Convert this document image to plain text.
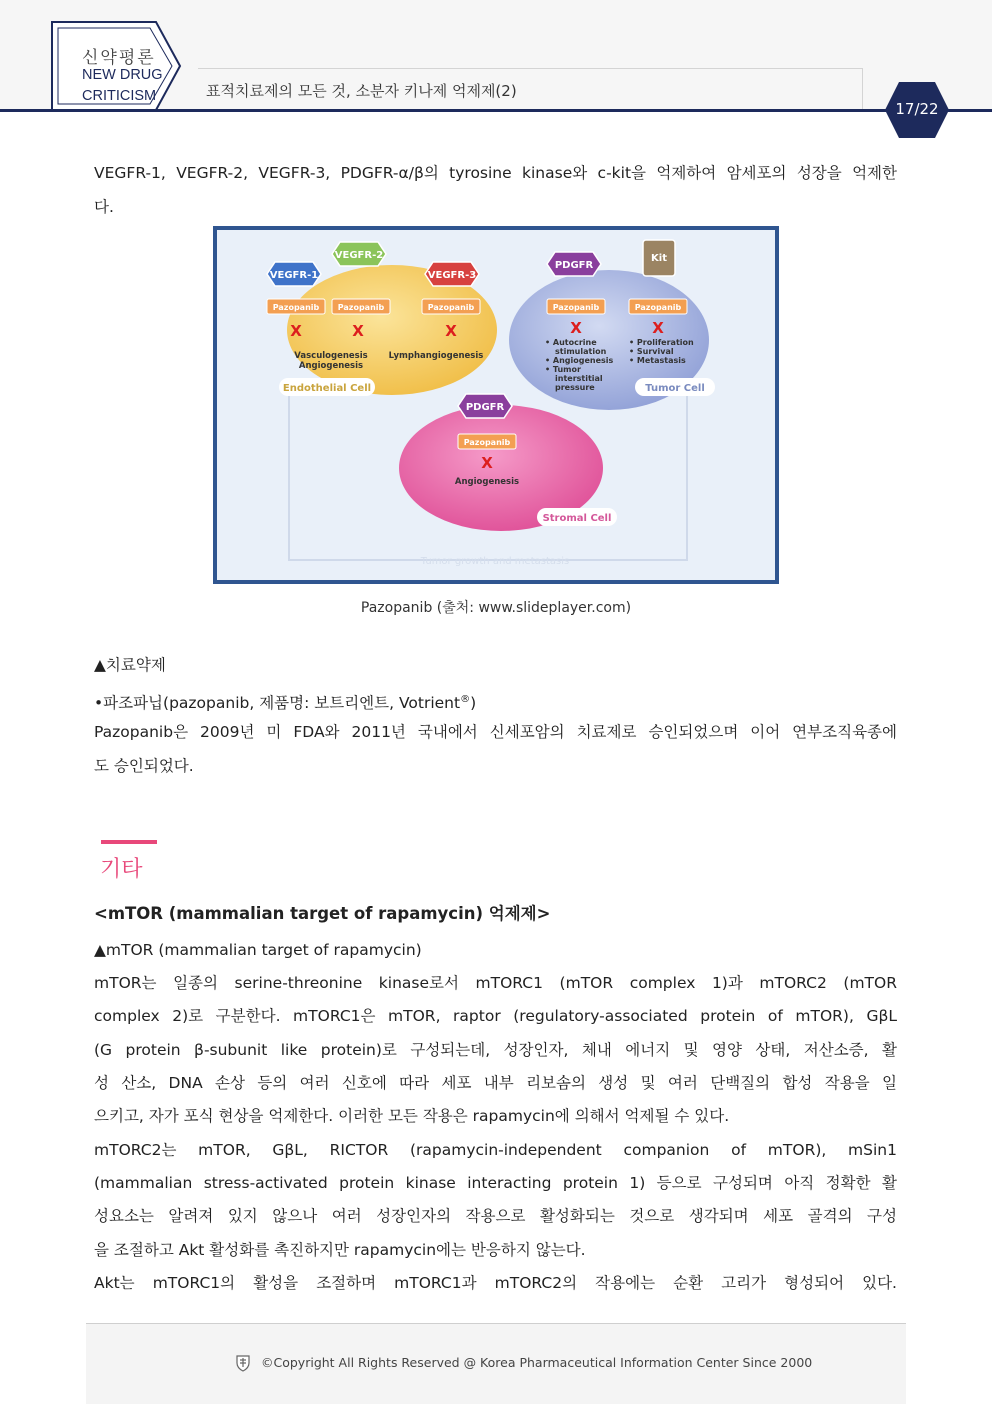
신약평론
NEW DRUG
CRITICISM	표적치료제의 모든 것, 소분자 키나제 억제제(2)
17/22

VEGFR-1, VEGFR-2, VEGFR-3, PDGFR-α/β의 tyrosine kinase와 c-kit을 억제하여 암세포의 성장을 억제한

다.

Tumor growth and metastasis
VEGFR-1
VEGFR-2
VEGFR-3
Pazopanib Pazopanib	Pazopanib
X	X	X
Vasculogenesis
Angiogenesis
Lymphangiogenesis
Endothelial Cell
PDGFR
Kit
Pazopanib	Pazopanib
X	X
• Autocrine
stimulation
• Angiogenesis
• Tumor
interstitial
pressure
• Proliferation
• Survival
• Metastasis
Tumor Cell
PDGFR
Pazopanib
X
Angiogenesis
Stromal Cell
Pazopanib (출처: www.slideplayer.com)

▲치료약제

•파조파닙(pazopanib, 제품명: 보트리엔트, Votrient®)

Pazopanib은 2009년 미 FDA와 2011년 국내에서 신세포암의 치료제로 승인되었으며 이어 연부조직육종에

도 승인되었다.

기타
<mTOR (mammalian target of rapamycin) 억제제>

▲mTOR (mammalian target of rapamycin)

mTOR는 일종의 serine-threonine kinase로서 mTORC1 (mTOR complex 1)과 mTORC2 (mTOR

complex 2)로 구분한다. mTORC1은 mTOR, raptor (regulatory-associated protein of mTOR), GβL

(G protein β-subunit like protein)로 구성되는데, 성장인자, 체내 에너지 및 영양 상태, 저산소증, 활

성 산소, DNA 손상 등의 여러 신호에 따라 세포 내부 리보솜의 생성 및 여러 단백질의 합성 작용을 일

으키고, 자가 포식 현상을 억제한다. 이러한 모든 작용은 rapamycin에 의해서 억제될 수 있다.

mTORC2는 mTOR, GβL, RICTOR (rapamycin-independent companion of mTOR), mSin1

(mammalian stress-activated protein kinase interacting protein 1) 등으로 구성되며 아직 정확한 활

성요소는 알려져 있지 않으나 여러 성장인자의 작용으로 활성화되는 것으로 생각되며 세포 골격의 구성

을 조절하고 Akt 활성화를 촉진하지만 rapamycin에는 반응하지 않는다.

Akt는 mTORC1의 활성을 조절하며 mTORC1과 mTORC2의 작용에는 순환 고리가 형성되어 있다.

©Copyright All Rights Reserved @ Korea Pharmaceutical Information Center Since 2000
